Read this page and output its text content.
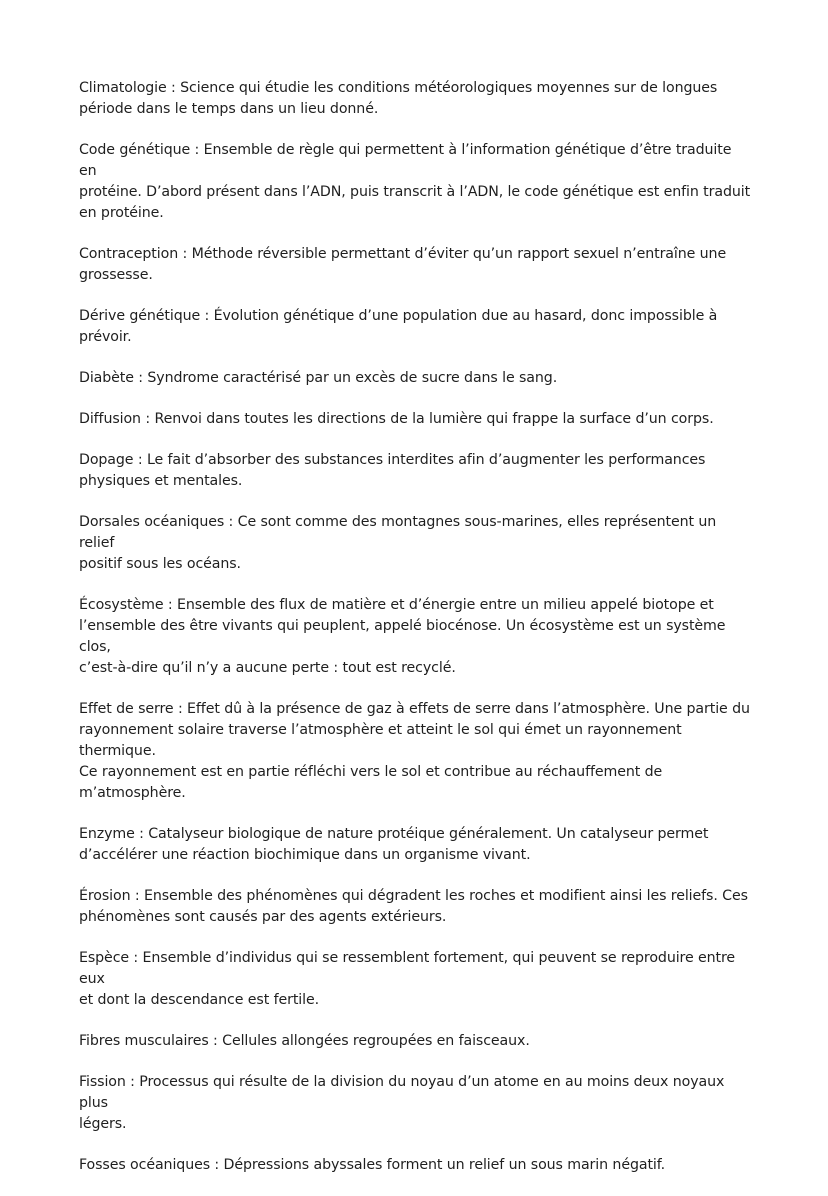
Climatologie : Science qui étudie les conditions météorologiques moyennes sur de longues
période dans le temps dans un lieu donné.
Code génétique : Ensemble de règle qui permettent à l’information génétique d’être traduite en
protéine. D’abord présent dans l’ADN, puis transcrit à l’ADN, le code génétique est enfin traduit
en protéine.
Contraception : Méthode réversible permettant d’éviter qu’un rapport sexuel n’entraîne une
grossesse.
Dérive génétique : Évolution génétique d’une population due au hasard, donc impossible à
prévoir.
Diabète : Syndrome caractérisé par un excès de sucre dans le sang.
Diffusion : Renvoi dans toutes les directions de la lumière qui frappe la surface d’un corps.
Dopage : Le fait d’absorber des substances interdites afin d’augmenter les performances
physiques et mentales.
Dorsales océaniques : Ce sont comme des montagnes sous-marines, elles représentent un relief
positif sous les océans.
Écosystème : Ensemble des flux de matière et d’énergie entre un milieu appelé biotope et
l’ensemble des être vivants qui peuplent, appelé biocénose. Un écosystème est un système clos,
c’est-à-dire qu’il n’y a aucune perte : tout est recyclé.
Effet de serre : Effet dû à la présence de gaz à effets de serre dans l’atmosphère. Une partie du
rayonnement solaire traverse l’atmosphère et atteint le sol qui émet un rayonnement thermique.
Ce rayonnement est en partie réfléchi vers le sol et contribue au réchauffement de m’atmosphère.
Enzyme : Catalyseur biologique de nature protéique généralement. Un catalyseur permet
d’accélérer une réaction biochimique dans un organisme vivant.
Érosion : Ensemble des phénomènes qui dégradent les roches et modifient ainsi les reliefs. Ces
phénomènes sont causés par des agents extérieurs.
Espèce : Ensemble d’individus qui se ressemblent fortement, qui peuvent se reproduire entre eux
et dont la descendance est fertile.
Fibres musculaires : Cellules allongées regroupées en faisceaux.
Fission : Processus qui résulte de la division du noyau d’un atome en au moins deux noyaux plus
légers.
Fosses océaniques : Dépressions abyssales forment un relief un sous marin négatif.
